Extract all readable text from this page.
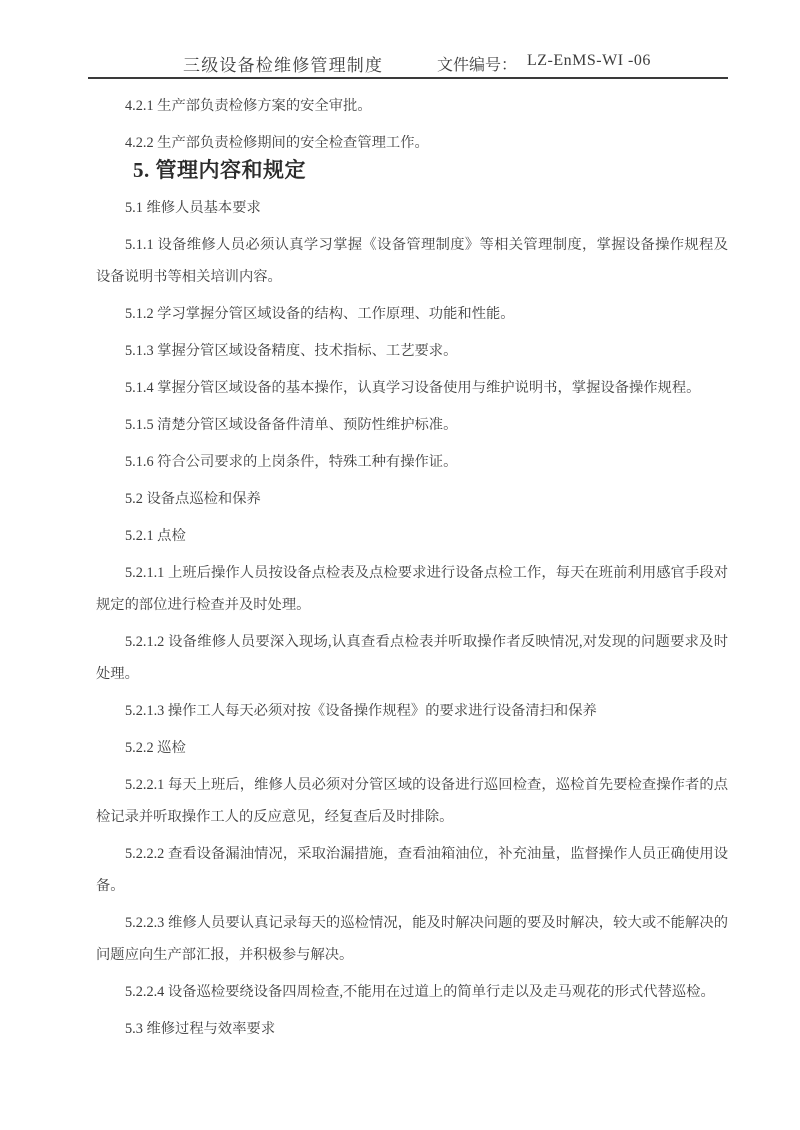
三级设备检维修管理制度	文件编号： LZ-EnMS-WI -06

4.2.1 生产部负责检修方案的安全审批。

4.2.2 生产部负责检修期间的安全检查管理工作。

5. 管理内容和规定

5.1 维修人员基本要求

5.1.1 设备维修人员必须认真学习掌握《设备管理制度》等相关管理制度，掌握设备操作规程及设备说明书等相关培训内容。

5.1.2 学习掌握分管区域设备的结构、工作原理、功能和性能。

5.1.3 掌握分管区域设备精度、技术指标、工艺要求。

5.1.4 掌握分管区域设备的基本操作，认真学习设备使用与维护说明书，掌握设备操作规程。

5.1.5 清楚分管区域设备备件清单、预防性维护标准。

5.1.6 符合公司要求的上岗条件，特殊工种有操作证。

5.2 设备点巡检和保养

5.2.1 点检

5.2.1.1 上班后操作人员按设备点检表及点检要求进行设备点检工作，每天在班前利用感官手段对规定的部位进行检查并及时处理。

5.2.1.2 设备维修人员要深入现场,认真查看点检表并听取操作者反映情况,对发现的问题要求及时处理。

5.2.1.3 操作工人每天必须对按《设备操作规程》的要求进行设备清扫和保养

5.2.2 巡检

5.2.2.1 每天上班后，维修人员必须对分管区域的设备进行巡回检查，巡检首先要检查操作者的点检记录并听取操作工人的反应意见，经复查后及时排除。

5.2.2.2 查看设备漏油情况，采取治漏措施，查看油箱油位，补充油量，监督操作人员正确使用设备。

5.2.2.3 维修人员要认真记录每天的巡检情况，能及时解决问题的要及时解决，较大或不能解决的问题应向生产部汇报，并积极参与解决。

5.2.2.4 设备巡检要绕设备四周检查,不能用在过道上的简单行走以及走马观花的形式代替巡检。

5.3 维修过程与效率要求
